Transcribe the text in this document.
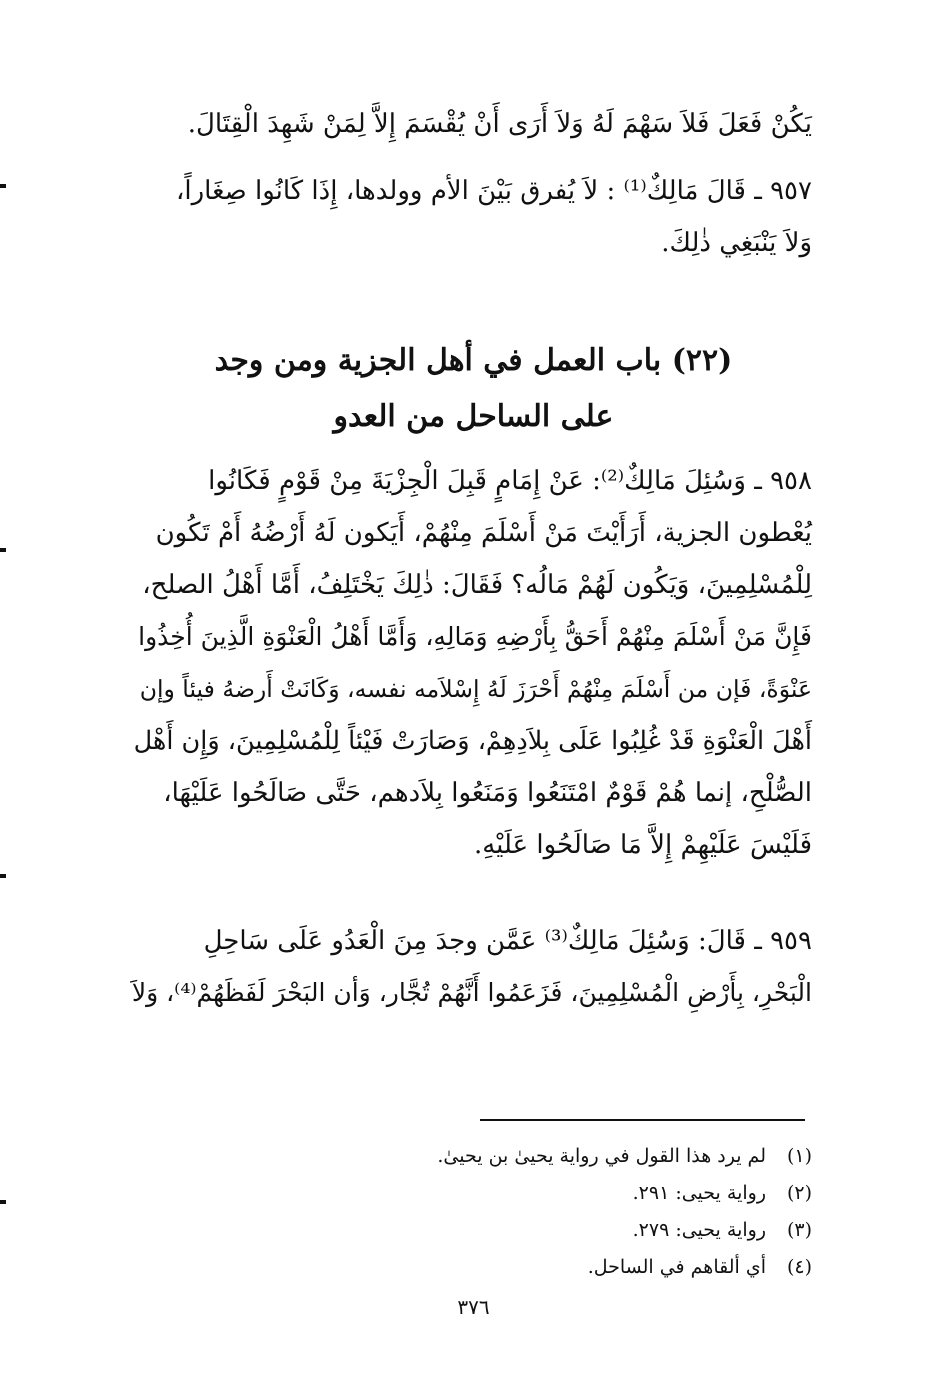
يَكُنْ فَعَلَ فَلاَ سَهْمَ لَهُ وَلاَ أَرَى أَنْ يُقْسَمَ إِلاَّ لِمَنْ شَهِدَ الْقِتَالَ.
٩٥٧ ـ قَالَ مَالِكٌ⁽¹⁾ : لاَ يُفرق بَيْنَ الأم وولدها، إِذَا كَانُوا صِغَاراً،
وَلاَ يَنْبَغِي ذٰلِكَ.
(٢٢) باب العمل في أهل الجزية ومن وجد
على الساحل من العدو
٩٥٨ ـ وَسُئِلَ مَالِكٌ⁽²⁾: عَنْ إِمَامٍ قَبِلَ الْجِزْيَةَ مِنْ قَوْمٍ فَكَانُوا
يُعْطون الجزية، أَرَأَيْتَ مَنْ أَسْلَمَ مِنْهُمْ، أَيَكون لَهُ أَرْضُهُ أَمْ تَكُون
لِلْمُسْلِمِينَ، وَيَكُون لَهُمْ مَالُه؟ فَقَالَ: ذٰلِكَ يَخْتَلِفُ، أَمَّا أَهْلُ الصلح،
فَإِنَّ مَنْ أَسْلَمَ مِنْهُمْ أَحَقُّ بِأَرْضِهِ وَمَالِهِ، وَأَمَّا أَهْلُ الْعَنْوَةِ الَّذِينَ أُخِذُوا
عَنْوَةً، فَإن من أَسْلَمَ مِنْهُمْ أَحْرَزَ لَهُ إِسْلاَمه نفسه، وَكَانَتْ أَرضهُ فيئاً وإن
أَهْلَ الْعَنْوَةِ قَدْ غُلِبُوا عَلَى بِلاَدِهِمْ، وَصَارَتْ فَيْئاً لِلْمُسْلِمِينَ، وَإِن أَهْل
الصُّلْحِ، إنما هُمْ قَوْمٌ امْتَنَعُوا وَمَنَعُوا بِلاَدهم، حَتَّى صَالَحُوا عَلَيْهَا،
فَلَيْسَ عَلَيْهِمْ إِلاَّ مَا صَالَحُوا عَلَيْهِ.
٩٥٩ ـ قَالَ: وَسُئِلَ مَالِكٌ⁽³⁾ عَمَّن وجدَ مِنَ الْعَدُو عَلَى سَاحِلِ
الْبَحْرِ، بِأَرْضِ الْمُسْلِمِينَ، فَزَعَمُوا أَنَّهُمْ تُجَّار، وَأن البَحْرَ لَفَظَهُمْ⁽⁴⁾، وَلاَ
(١)لم يرد هذا القول في رواية يحيىٰ بن يحيىٰ.
(٢)رواية يحيى: ٢٩١.
(٣)رواية يحيى: ٢٧٩.
(٤)أي ألقاهم في الساحل.
٣٧٦
